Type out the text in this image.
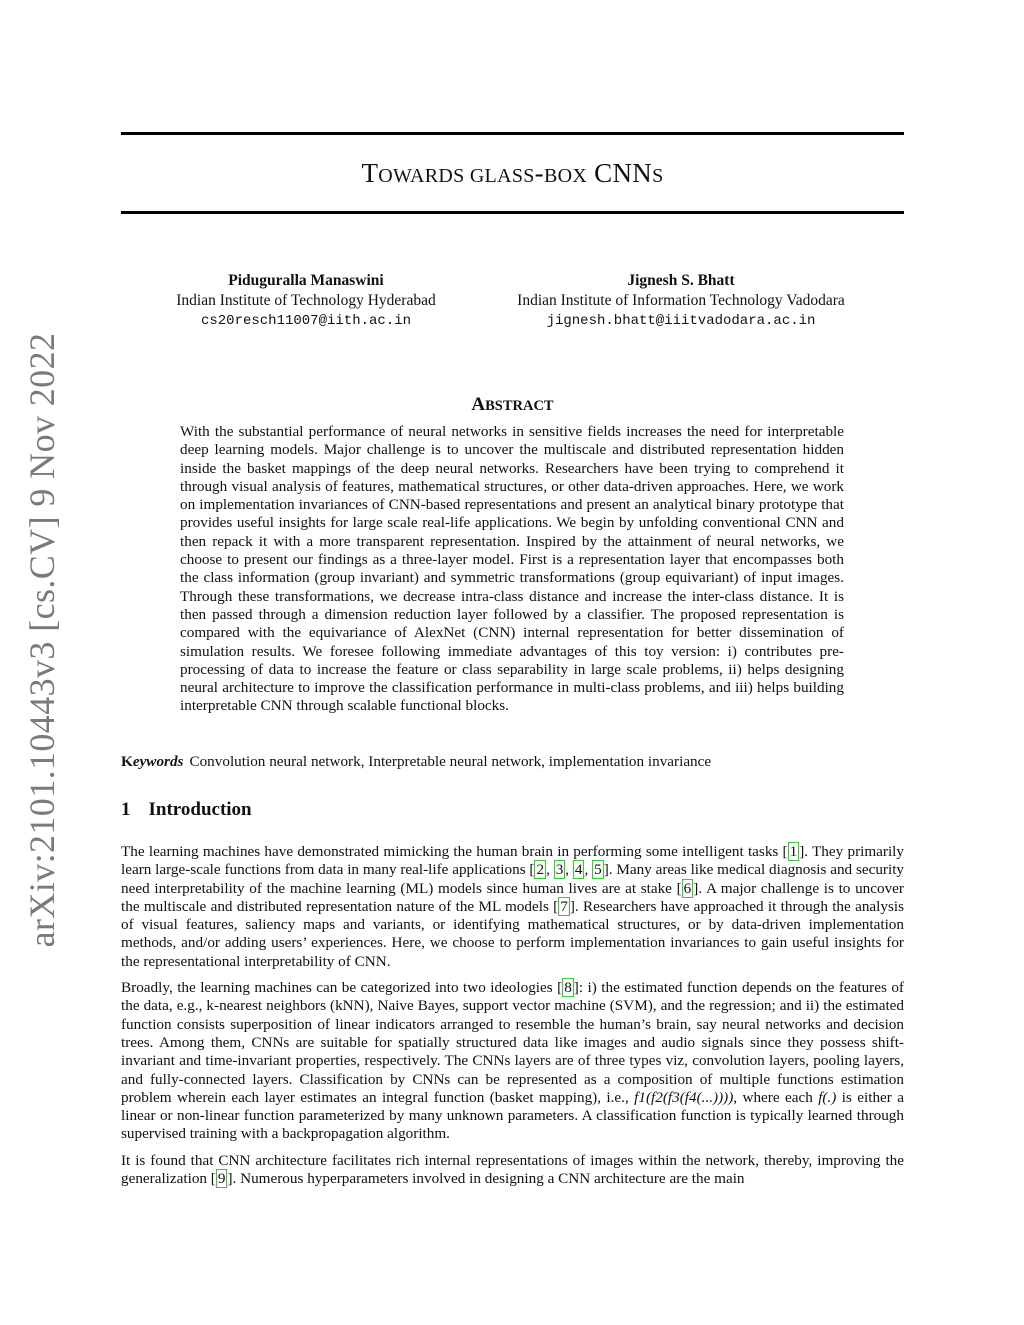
arXiv:2101.10443v3 [cs.CV] 9 Nov 2022
TOWARDS GLASS-BOX CNNS
Piduguralla Manaswini
Indian Institute of Technology Hyderabad
cs20resch11007@iith.ac.in
Jignesh S. Bhatt
Indian Institute of Information Technology Vadodara
jignesh.bhatt@iiitvadodara.ac.in
ABSTRACT
With the substantial performance of neural networks in sensitive fields increases the need for interpretable deep learning models. Major challenge is to uncover the multiscale and distributed representation hidden inside the basket mappings of the deep neural networks. Researchers have been trying to comprehend it through visual analysis of features, mathematical structures, or other data-driven approaches. Here, we work on implementation invariances of CNN-based representations and present an analytical binary prototype that provides useful insights for large scale real-life applications. We begin by unfolding conventional CNN and then repack it with a more transparent representation. Inspired by the attainment of neural networks, we choose to present our findings as a three-layer model. First is a representation layer that encompasses both the class information (group invariant) and symmetric transformations (group equivariant) of input images. Through these transformations, we decrease intra-class distance and increase the inter-class distance. It is then passed through a dimension reduction layer followed by a classifier. The proposed representation is compared with the equivariance of AlexNet (CNN) internal representation for better dissemination of simulation results. We foresee following immediate advantages of this toy version: i) contributes pre-processing of data to increase the feature or class separability in large scale problems, ii) helps designing neural architecture to improve the classification performance in multi-class problems, and iii) helps building interpretable CNN through scalable functional blocks.
Keywords Convolution neural network, Interpretable neural network, implementation invariance
1 Introduction

The learning machines have demonstrated mimicking the human brain in performing some intelligent tasks [ 1 ]. They primarily learn large-scale functions from data in many real-life applications [ 2 , 3 , 4 , 5 ]. Many areas like medical diagnosis and security need interpretability of the machine learning (ML) models since human lives are at stake [ 6 ]. A major challenge is to uncover the multiscale and distributed representation nature of the ML models [ 7 ]. Researchers have approached it through the analysis of visual features, saliency maps and variants, or identifying mathematical structures, or by data-driven implementation methods, and/or adding users’ experiences. Here, we choose to perform implementation invariances to gain useful insights for the representational interpretability of CNN.

Broadly, the learning machines can be categorized into two ideologies [ 8 ]: i) the estimated function depends on the features of the data, e.g., k-nearest neighbors (kNN), Naive Bayes, support vector machine (SVM), and the regression; and ii) the estimated function consists superposition of linear indicators arranged to resemble the human’s brain, say neural networks and decision trees. Among them, CNNs are suitable for spatially structured data like images and audio signals since they possess shift-invariant and time-invariant properties, respectively. The CNNs layers are of three types viz, convolution layers, pooling layers, and fully-connected layers. Classification by CNNs can be represented as a composition of multiple functions estimation problem wherein each layer estimates an integral function (basket mapping), i.e., f1(f2(f3(f4(...)))), where each f(.) is either a linear or non-linear function parameterized by many unknown parameters. A classification function is typically learned through supervised training with a backpropagation algorithm.

It is found that CNN architecture facilitates rich internal representations of images within the network, thereby, improving the generalization [ 9 ]. Numerous hyperparameters involved in designing a CNN architecture are the main
